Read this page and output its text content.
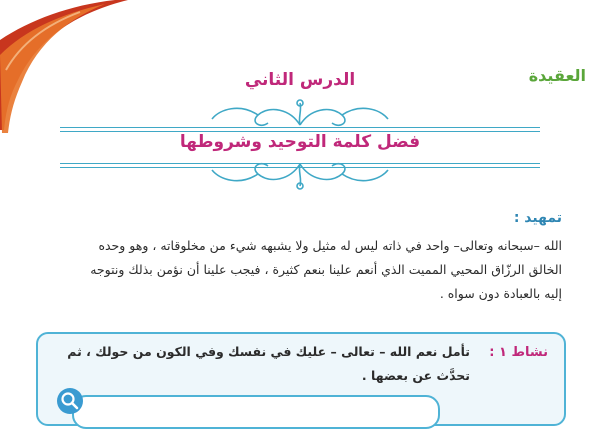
العقيدة
الدرس الثاني
فضل كلمة التوحيد وشروطها
تمهيد :
الله –سبحانه وتعالى– واحد في ذاته ليس له مثيل ولا يشبهه شيء من مخلوقاته ، وهو وحده
الخالق الرزّاق المحيي المميت الذي أنعم علينا بنعم كثيرة ، فيجب علينا أن نؤمن بذلك ونتوجه
إليه بالعبادة دون سواه .
نشاط ١ :
تأمل نعم الله – تعالى – عليك في نفسك وفي الكون من حولك ، ثم
تحدَّث عن بعضها .
